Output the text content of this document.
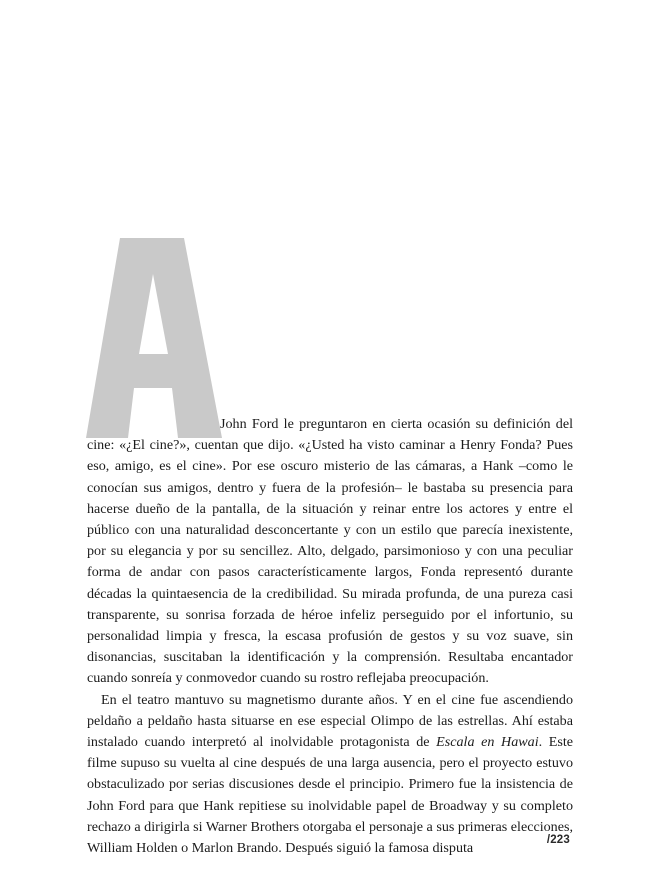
John Ford le preguntaron en cierta ocasión su definición del cine: «¿El cine?», cuentan que dijo. «¿Usted ha visto caminar a Henry Fonda? Pues eso, amigo, es el cine». Por ese oscuro misterio de las cámaras, a Hank –como le conocían sus amigos, dentro y fuera de la profesión– le bastaba su presencia para hacerse dueño de la pantalla, de la situación y reinar entre los actores y entre el público con una naturalidad desconcertante y con un estilo que parecía inexistente, por su elegancia y por su sencillez. Alto, delgado, parsimonioso y con una peculiar forma de andar con pasos característicamente largos, Fonda representó durante décadas la quintaesencia de la credibilidad. Su mirada profunda, de una pureza casi transparente, su sonrisa forzada de héroe infeliz perseguido por el infortunio, su personalidad limpia y fresca, la escasa profusión de gestos y su voz suave, sin disonancias, suscitaban la identificación y la comprensión. Resultaba encantador cuando sonreía y conmovedor cuando su rostro reflejaba preocupación.

En el teatro mantuvo su magnetismo durante años. Y en el cine fue ascendiendo peldaño a peldaño hasta situarse en ese especial Olimpo de las estrellas. Ahí estaba instalado cuando interpretó al inolvidable protagonista de Escala en Hawai. Este filme supuso su vuelta al cine después de una larga ausencia, pero el proyecto estuvo obstaculizado por serias discusiones desde el principio. Primero fue la insistencia de John Ford para que Hank repitiese su inolvidable papel de Broadway y su completo rechazo a dirigirla si Warner Brothers otorgaba el personaje a sus primeras elecciones, William Holden o Marlon Brando. Después siguió la famosa disputa

/223
